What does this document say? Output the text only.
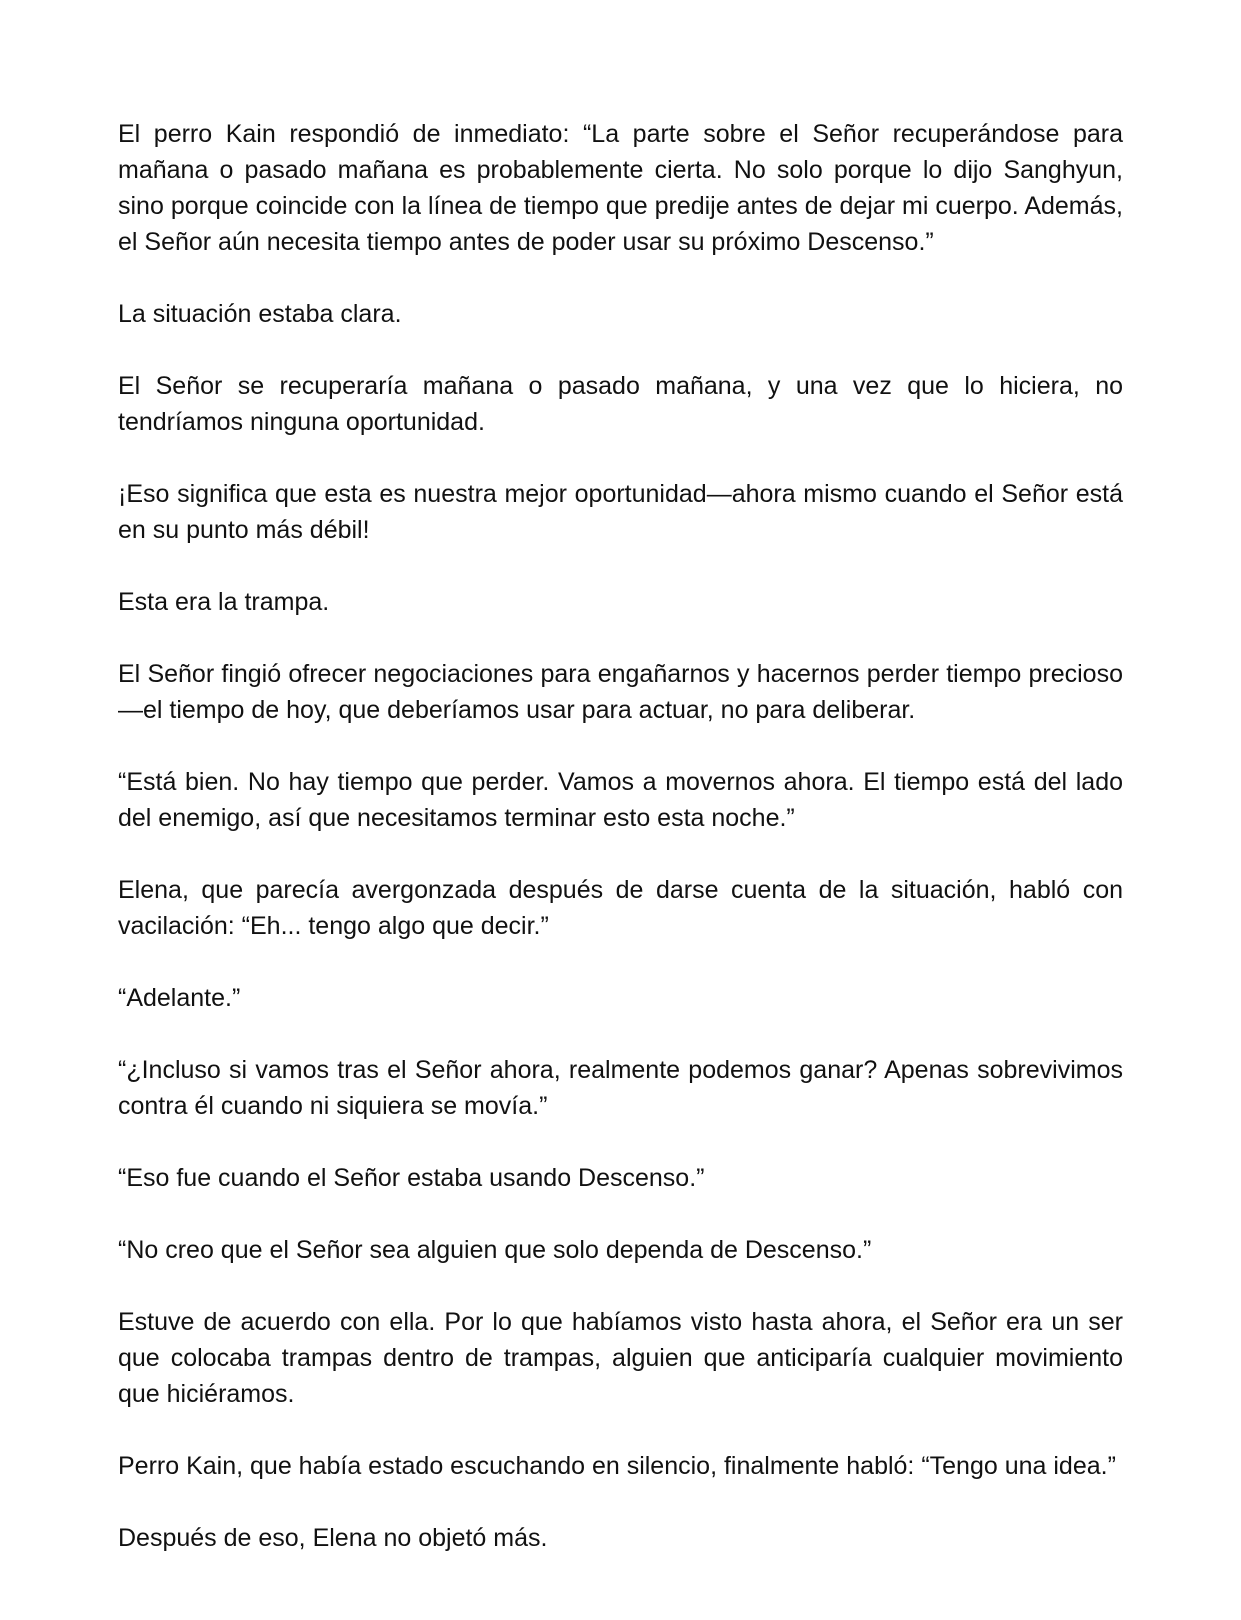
El perro Kain respondió de inmediato: “La parte sobre el Señor recuperándose para mañana o pasado mañana es probablemente cierta. No solo porque lo dijo Sanghyun, sino porque coincide con la línea de tiempo que predije antes de dejar mi cuerpo. Además, el Señor aún necesita tiempo antes de poder usar su próximo Descenso.”

La situación estaba clara.

El Señor se recuperaría mañana o pasado mañana, y una vez que lo hiciera, no tendríamos ninguna oportunidad.

¡Eso significa que esta es nuestra mejor oportunidad—ahora mismo cuando el Señor está en su punto más débil!

Esta era la trampa.

El Señor fingió ofrecer negociaciones para engañarnos y hacernos perder tiempo precioso—el tiempo de hoy, que deberíamos usar para actuar, no para deliberar.

“Está bien. No hay tiempo que perder. Vamos a movernos ahora. El tiempo está del lado del enemigo, así que necesitamos terminar esto esta noche.”

Elena, que parecía avergonzada después de darse cuenta de la situación, habló con vacilación: “Eh... tengo algo que decir.”

“Adelante.”

“¿Incluso si vamos tras el Señor ahora, realmente podemos ganar? Apenas sobrevivimos contra él cuando ni siquiera se movía.”

“Eso fue cuando el Señor estaba usando Descenso.”

“No creo que el Señor sea alguien que solo dependa de Descenso.”

Estuve de acuerdo con ella. Por lo que habíamos visto hasta ahora, el Señor era un ser que colocaba trampas dentro de trampas, alguien que anticiparía cualquier movimiento que hiciéramos.

Perro Kain, que había estado escuchando en silencio, finalmente habló: “Tengo una idea.”

Después de eso, Elena no objetó más.
